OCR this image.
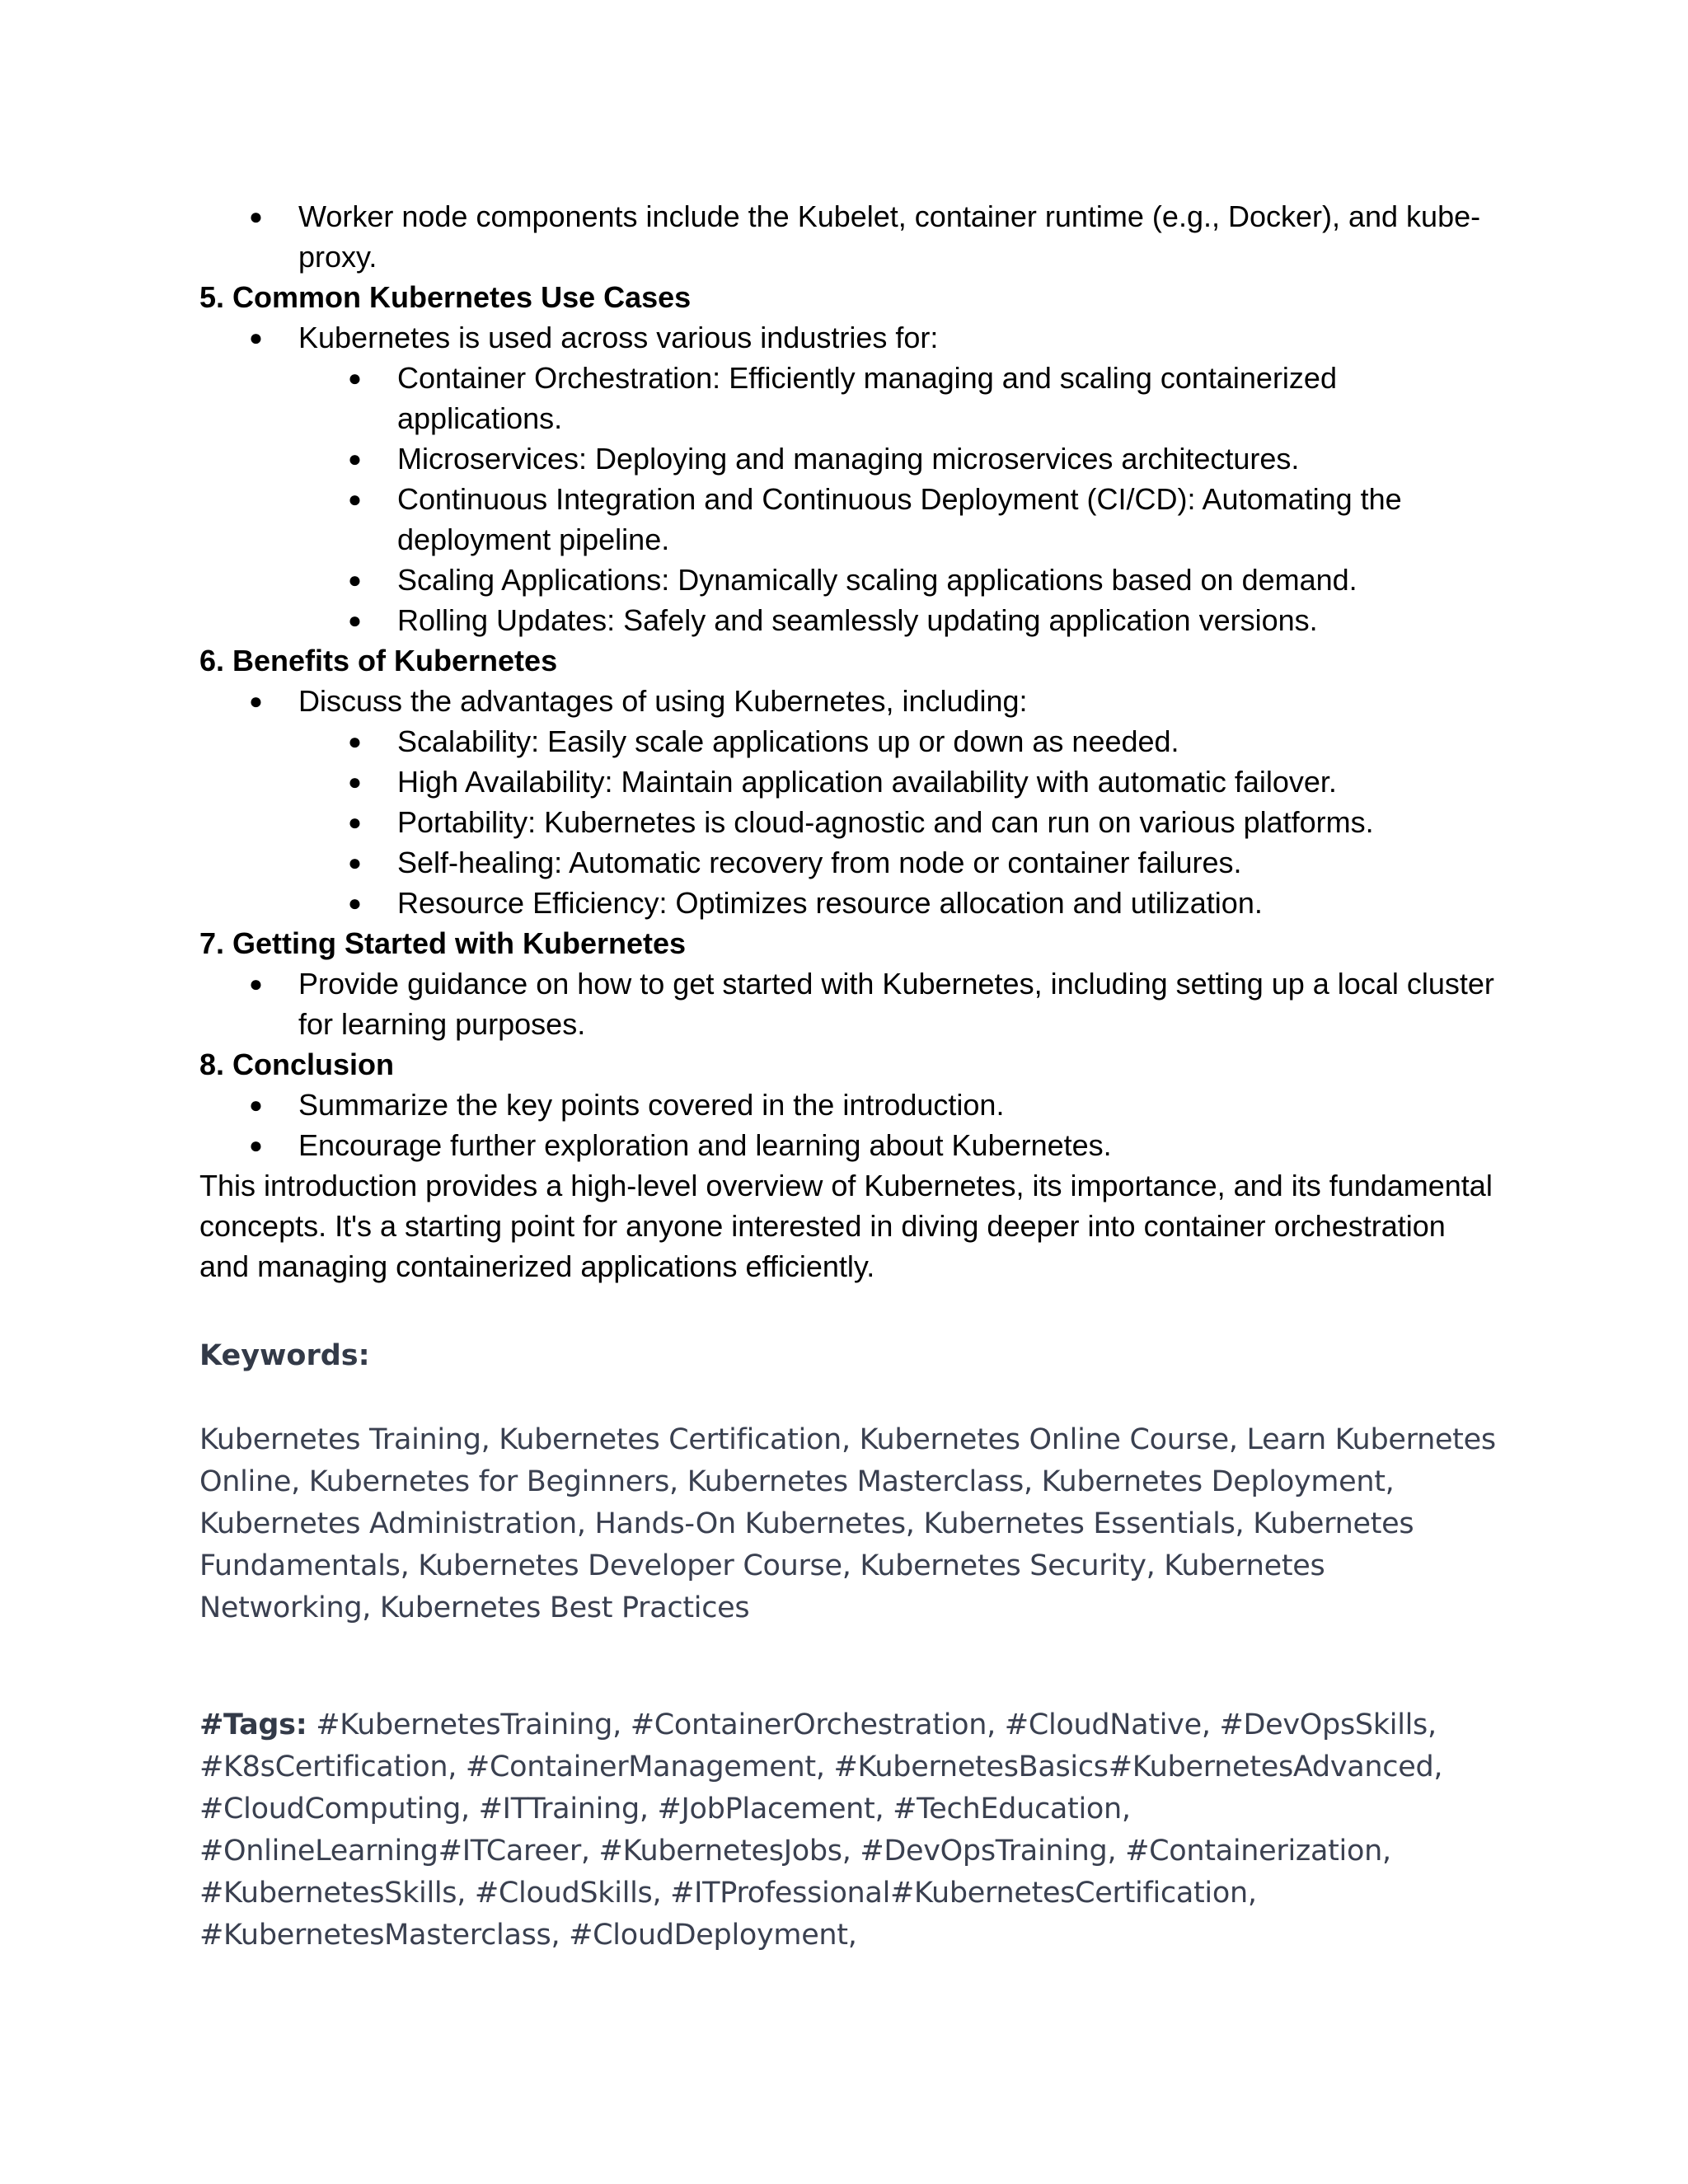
● Worker node components include the Kubelet, container runtime (e.g., Docker), and kube-proxy.

5. Common Kubernetes Use Cases

● Kubernetes is used across various industries for:
● Container Orchestration: Efficiently managing and scaling containerized applications.
● Microservices: Deploying and managing microservices architectures.
● Continuous Integration and Continuous Deployment (CI/CD): Automating the deployment pipeline.
● Scaling Applications: Dynamically scaling applications based on demand.
● Rolling Updates: Safely and seamlessly updating application versions.

6. Benefits of Kubernetes

● Discuss the advantages of using Kubernetes, including:
● Scalability: Easily scale applications up or down as needed.
● High Availability: Maintain application availability with automatic failover.
● Portability: Kubernetes is cloud-agnostic and can run on various platforms.
● Self-healing: Automatic recovery from node or container failures.
● Resource Efficiency: Optimizes resource allocation and utilization.

7. Getting Started with Kubernetes

● Provide guidance on how to get started with Kubernetes, including setting up a local cluster for learning purposes.

8. Conclusion

● Summarize the key points covered in the introduction.
● Encourage further exploration and learning about Kubernetes.

This introduction provides a high-level overview of Kubernetes, its importance, and its fundamental concepts. It's a starting point for anyone interested in diving deeper into container orchestration and managing containerized applications efficiently.

Keywords:
Kubernetes Training, Kubernetes Certification, Kubernetes Online Course, Learn Kubernetes Online, Kubernetes for Beginners, Kubernetes Masterclass, Kubernetes Deployment, Kubernetes Administration, Hands-On Kubernetes, Kubernetes Essentials, Kubernetes Fundamentals, Kubernetes Developer Course, Kubernetes Security, Kubernetes Networking, Kubernetes Best Practices
#Tags: #KubernetesTraining, #ContainerOrchestration, #CloudNative, #DevOpsSkills, #K8sCertification, #ContainerManagement, #KubernetesBasics#KubernetesAdvanced, #CloudComputing, #ITTraining, #JobPlacement, #TechEducation, #OnlineLearning#ITCareer, #KubernetesJobs, #DevOpsTraining, #Containerization, #KubernetesSkills, #CloudSkills, #ITProfessional#KubernetesCertification, #KubernetesMasterclass, #CloudDeployment,
